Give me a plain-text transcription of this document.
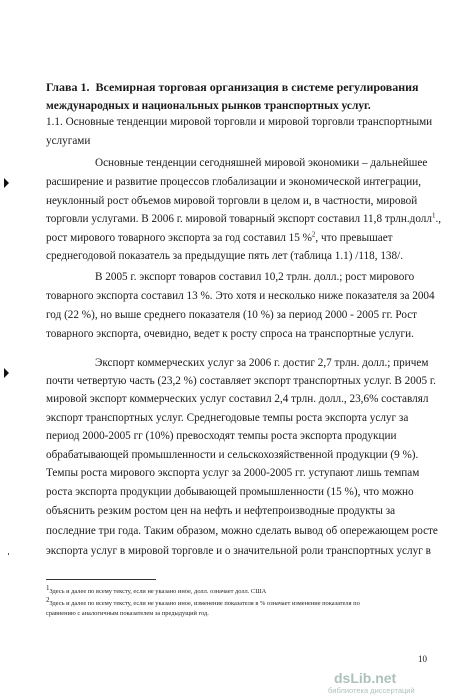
Глава 1. Всемирная торговая организация в системе регулирования
международных и национальных рынков транспортных услуг.
1.1. Основные тенденции мировой торговли и мировой торговли транспортными
услугами
Основные тенденции сегодняшней мировой экономики – дальнейшее
расширение и развитие процессов глобализации и экономической интеграции,
неуклонный рост объемов мировой торговли в целом и, в частности, мировой
торговли услугами. В 2006 г. мировой товарный экспорт составил 11,8 трлн.долл$^1$.,
рост мирового товарного экспорта за год составил 15 %$^2$, что превышает
среднегодовой показатель за предыдущие пять лет (таблица 1.1) /118, 138/.
В 2005 г. экспорт товаров составил 10,2 трлн. долл.; рост мирового
товарного экспорта составил 13 %. Это хотя и несколько ниже показателя за 2004
год (22 %), но выше среднего показателя (10 %) за период 2000 - 2005 гг. Рост
товарного экспорта, очевидно, ведет к росту спроса на транспортные услуги.
Экспорт коммерческих услуг за 2006 г. достиг 2,7 трлн. долл.; причем
почти четвертую часть (23,2 %) составляет экспорт транспортных услуг. В 2005 г.
мировой экспорт коммерческих услуг составил 2,4 трлн. долл., 23,6% составлял
экспорт транспортных услуг. Среднегодовые темпы роста экспорта услуг за
период 2000-2005 гг (10%) превосходят темпы роста экспорта продукции
обрабатывающей промышленности и сельскохозяйственной продукции (9 %).
Темпы роста мирового экспорта услуг за 2000-2005 гг. уступают лишь темпам
роста экспорта продукции добывающей промышленности (15 %), что можно
объяснить резким ростом цен на нефть и нефтепроизводные продукты за
последние три года. Таким образом, можно сделать вывод об опережающем росте
экспорта услуг в мировой торговле и о значительной роли транспортных услуг в
$^1$Здесь и далее по всему тексту, если не указано иное, долл. означает долл. США
$^2$Здесь и далее по всему тексту, если не указано иное, изменение показателя в % означает изменение показателя по
сравнению с аналогичным показателем за предыдущий год.
10
dsLib.net
библиотека диссертаций
